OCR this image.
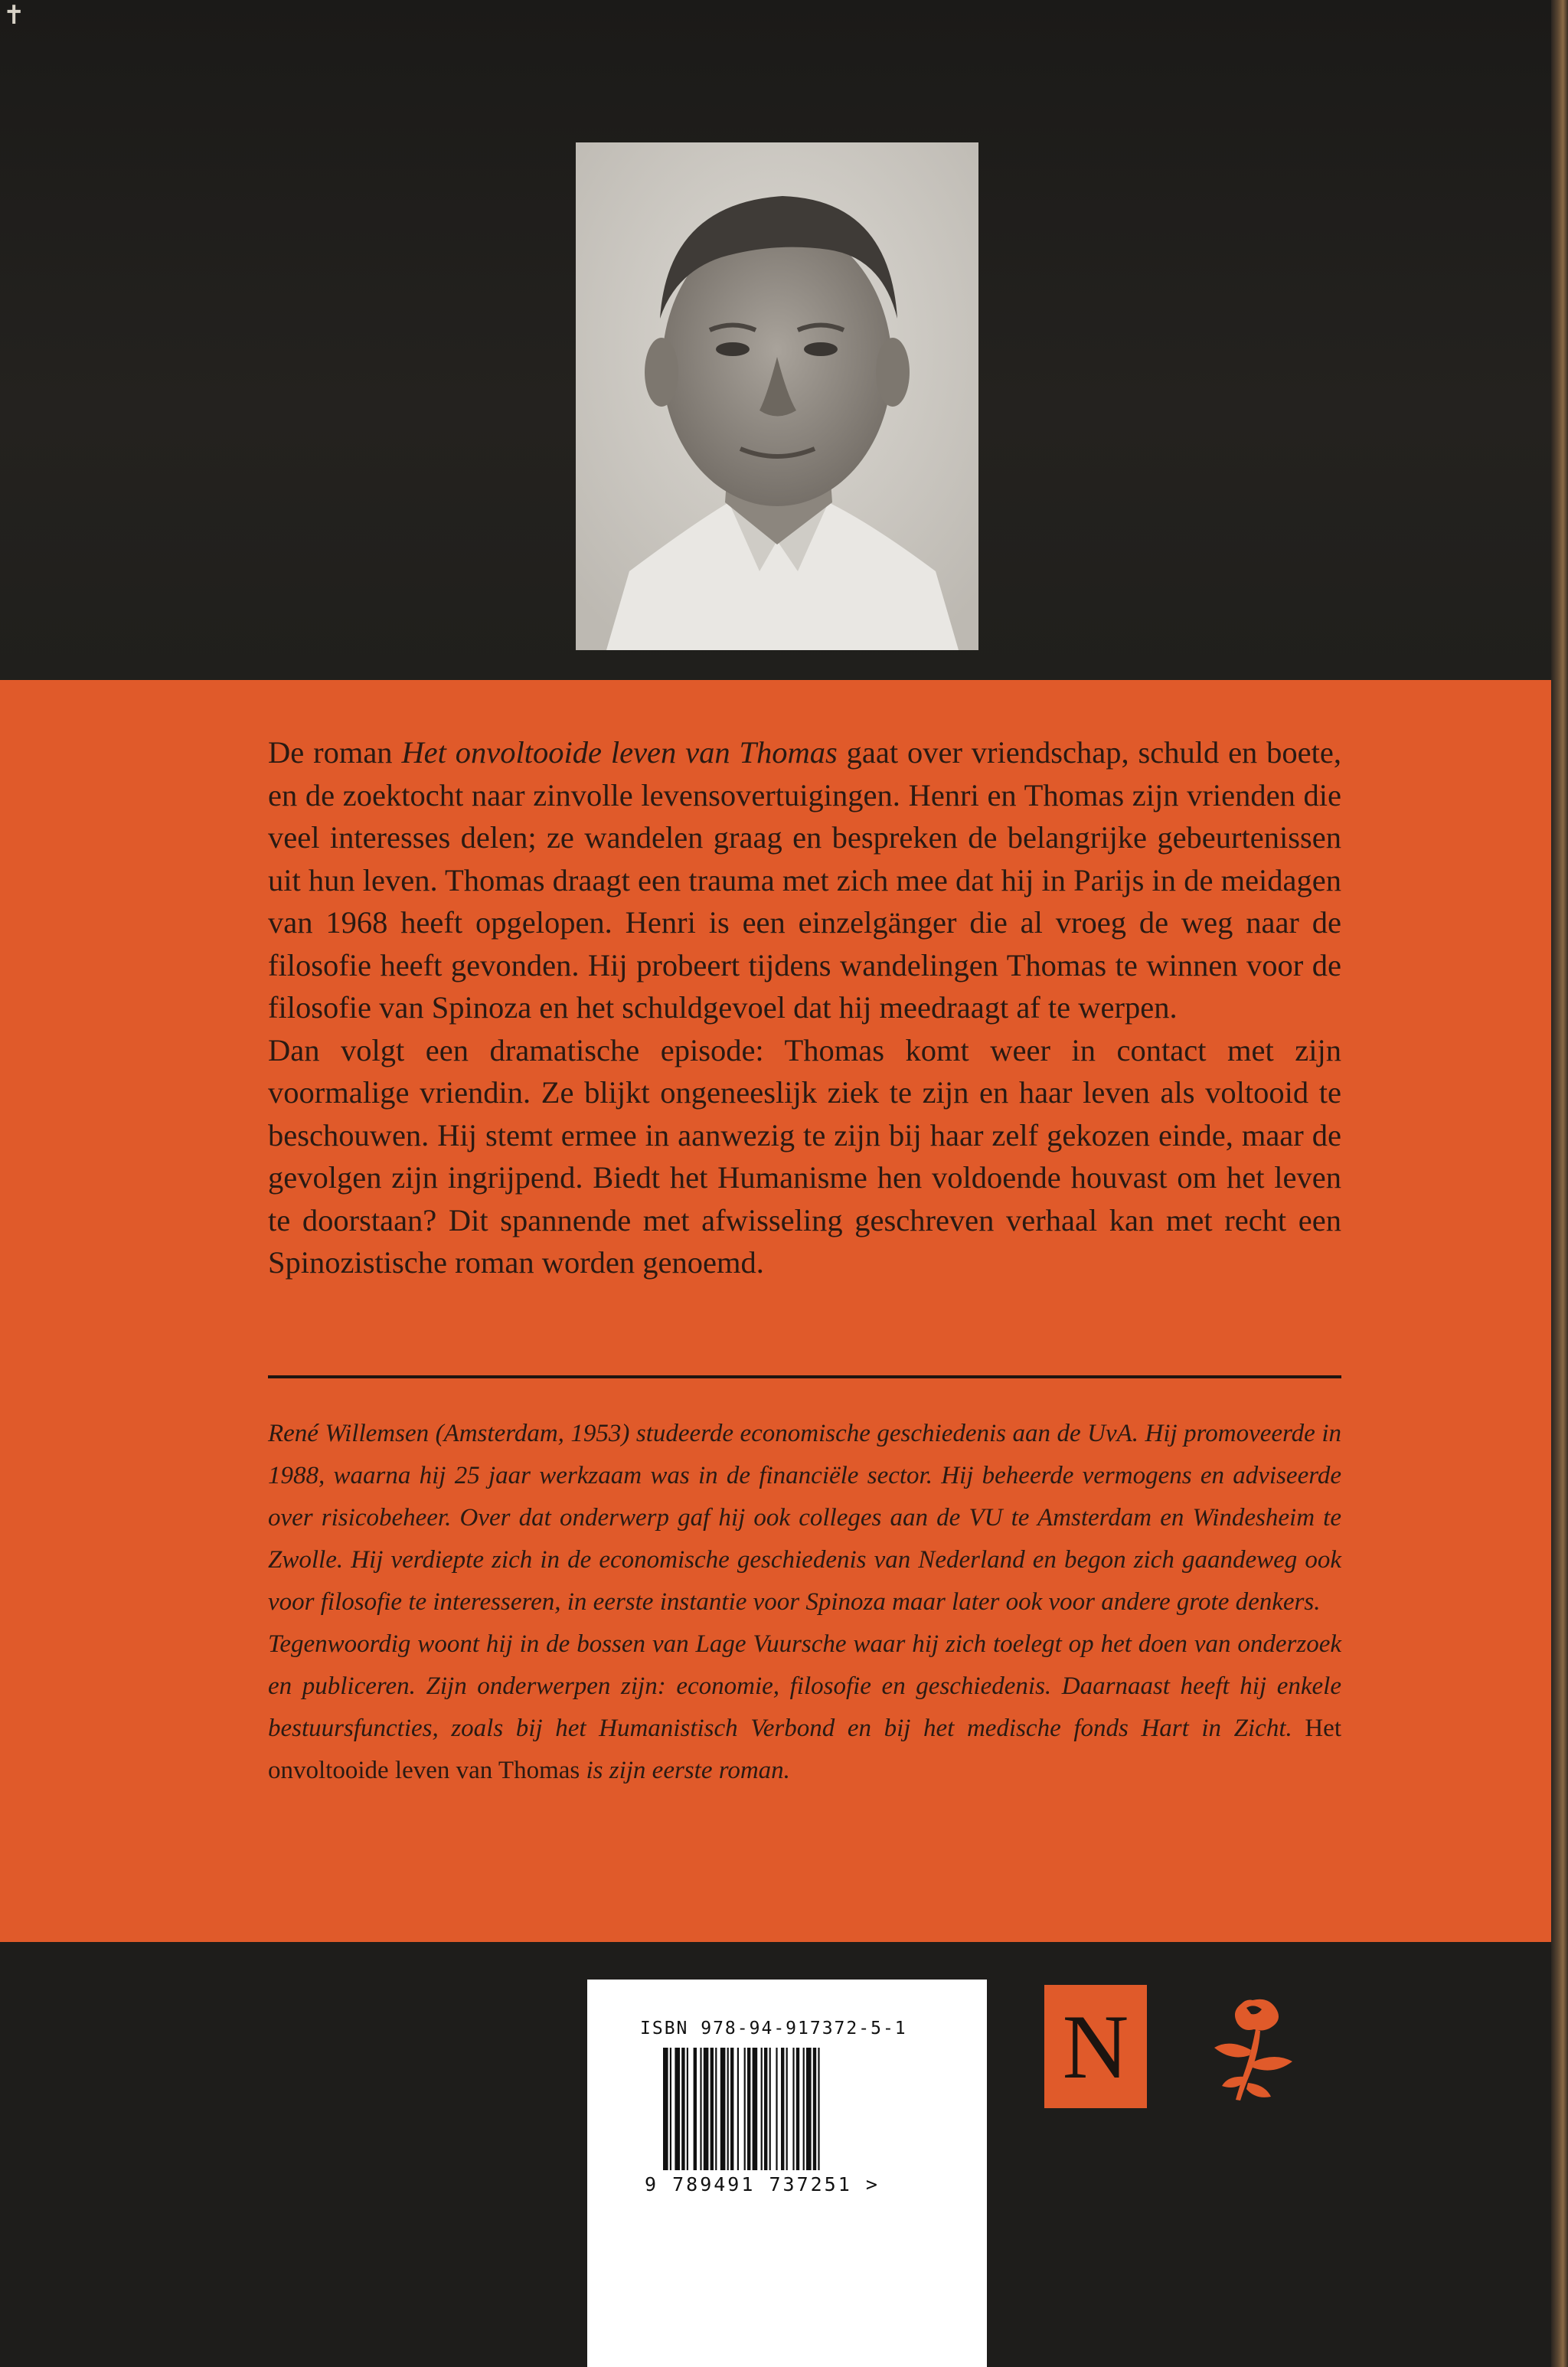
✝

De roman Het onvoltooide leven van Thomas gaat over vriendschap, schuld en boete, en de zoektocht naar zinvolle levensovertuigingen. Henri en Thomas zijn vrienden die veel interesses delen; ze wandelen graag en bespreken de belangrijke gebeurtenissen uit hun leven. Thomas draagt een trauma met zich mee dat hij in Parijs in de meidagen van 1968 heeft opgelopen. Henri is een einzelgänger die al vroeg de weg naar de filosofie heeft gevonden. Hij probeert tijdens wandelingen Thomas te winnen voor de filosofie van Spinoza en het schuldgevoel dat hij meedraagt af te werpen.

Dan volgt een dramatische episode: Thomas komt weer in contact met zijn voormalige vriendin. Ze blijkt ongeneeslijk ziek te zijn en haar leven als voltooid te beschouwen. Hij stemt ermee in aanwezig te zijn bij haar zelf gekozen einde, maar de gevolgen zijn ingrijpend. Biedt het Humanisme hen voldoende houvast om het leven te doorstaan? Dit spannende met afwisseling geschreven verhaal kan met recht een Spinozistische roman worden genoemd.

René Willemsen (Amsterdam, 1953) studeerde economische geschiedenis aan de UvA. Hij promoveerde in 1988, waarna hij 25 jaar werkzaam was in de financiële sector. Hij beheerde vermogens en adviseerde over risicobeheer. Over dat onderwerp gaf hij ook colleges aan de VU te Amsterdam en Windesheim te Zwolle. Hij verdiepte zich in de economische geschiedenis van Nederland en begon zich gaandeweg ook voor filosofie te interesseren, in eerste instantie voor Spinoza maar later ook voor andere grote denkers.

Tegenwoordig woont hij in de bossen van Lage Vuursche waar hij zich toelegt op het doen van onderzoek en publiceren. Zijn onderwerpen zijn: economie, filosofie en geschiedenis. Daarnaast heeft hij enkele bestuursfuncties, zoals bij het Humanistisch Verbond en bij het medische fonds Hart in Zicht. Het onvoltooide leven van Thomas is zijn eerste roman.

ISBN 978-94-917372-5-1
9 789491 737251 >
N
